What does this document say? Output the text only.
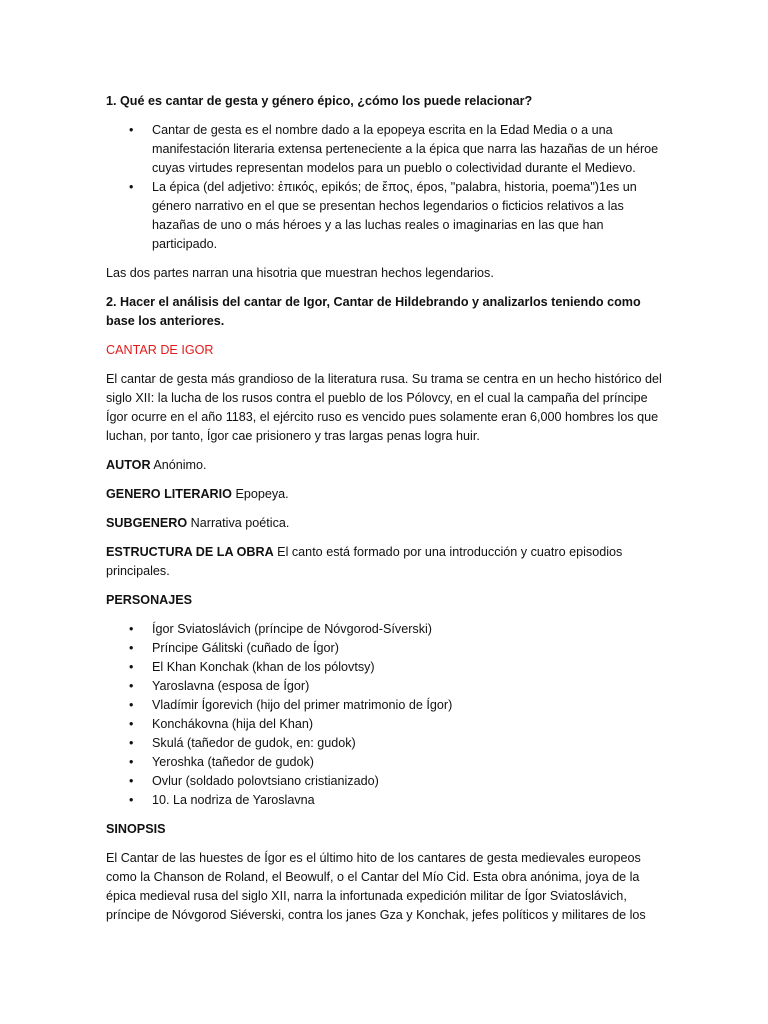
1. Qué es cantar de gesta y género épico, ¿cómo los puede relacionar?

• Cantar de gesta es el nombre dado a la epopeya escrita en la Edad Media o a una manifestación literaria extensa perteneciente a la épica que narra las hazañas de un héroe cuyas virtudes representan modelos para un pueblo o colectividad durante el Medievo.
• La épica (del adjetivo: ἐπικός, epikós; de ἔπος, épos, "palabra, historia, poema")1es un género narrativo en el que se presentan hechos legendarios o ficticios relativos a las hazañas de uno o más héroes y a las luchas reales o imaginarias en las que han participado.

Las dos partes narran una hisotria que muestran hechos legendarios.

2. Hacer el análisis del cantar de Igor, Cantar de Hildebrando y analizarlos teniendo como base los anteriores.

CANTAR DE IGOR

El cantar de gesta más grandioso de la literatura rusa. Su trama se centra en un hecho histórico del siglo XII: la lucha de los rusos contra el pueblo de los Pólovcy, en el cual la campaña del príncipe Ígor ocurre en el año 1183, el ejército ruso es vencido pues solamente eran 6,000 hombres los que luchan, por tanto, Ígor cae prisionero y tras largas penas logra huir.

AUTOR Anónimo.

GENERO LITERARIO Epopeya.

SUBGENERO Narrativa poética.

ESTRUCTURA DE LA OBRA El canto está formado por una introducción y cuatro episodios principales.

PERSONAJES

• Ígor Sviatoslávich (príncipe de Nóvgorod-Síverski)
• Príncipe Gálitski (cuñado de Ígor)
• El Khan Konchak (khan de los pólovtsy)
• Yaroslavna (esposa de Ígor)
• Vladímir Ígorevich (hijo del primer matrimonio de Ígor)
• Konchákovna (hija del Khan)
• Skulá (tañedor de gudok, en: gudok)
• Yeroshka (tañedor de gudok)
• Ovlur (soldado polovtsiano cristianizado)
• 10. La nodriza de Yaroslavna

SINOPSIS

El Cantar de las huestes de Ígor es el último hito de los cantares de gesta medievales europeos como la Chanson de Roland, el Beowulf, o el Cantar del Mío Cid. Esta obra anónima, joya de la épica medieval rusa del siglo XII, narra la infortunada expedición militar de Ígor Sviatoslávich, príncipe de Nóvgorod Siéverski, contra los janes Gza y Konchak, jefes políticos y militares de los
